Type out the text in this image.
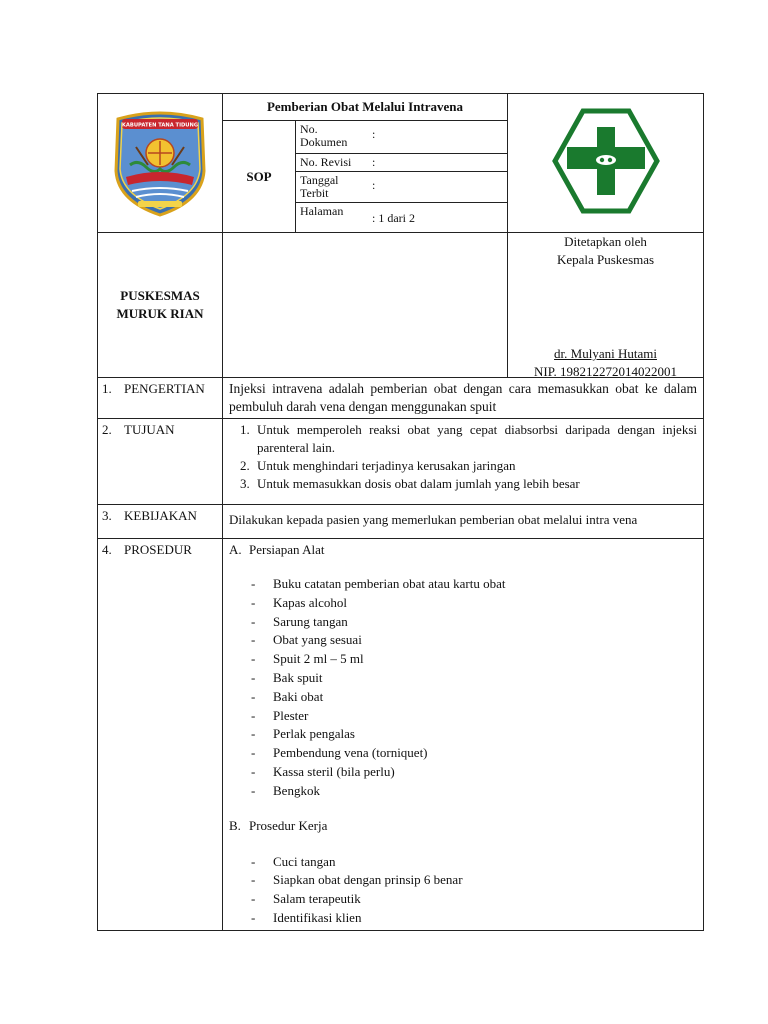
KABUPATEN TANA TIDUNG
	Pemberian Obat Melalui Intravena	
SOP	
No. Dokumen	:
No. Revisi	:
Tanggal Terbit	:
Halaman	: 1 dari 2

PUSKESMAS
MURUK RIAN

Ditetapkan oleh
Kepala Puskesmas
dr. Mulyani Hutami
NIP. 198212272014022001

1. PENGERTIAN	Injeksi intravena adalah pemberian obat dengan cara memasukkan obat ke dalam pembuluh darah vena dengan menggunakan spuit
2. TUJUAN	
1.Untuk memperoleh reaksi obat yang cepat diabsorbsi daripada dengan injeksi parenteral lain.
2. Untuk menghindari terjadinya kerusakan jaringan
3. Untuk memasukkan dosis obat dalam jumlah yang lebih besar

3. KEBIJAKAN	Dilakukan kepada pasien yang memerlukan pemberian obat melalui intra vena
4. PROSEDUR	A. Persiapan Alat
- Buku catatan pemberian obat atau kartu obat
- Kapas alcohol
- Sarung tangan
- Obat yang sesuai
- Spuit 2 ml – 5 ml
- Bak spuit
- Baki obat
- Plester
- Perlak pengalas
- Pembendung vena (torniquet)
- Kassa steril (bila perlu)
- Bengkok
B. Prosedur Kerja
- Cuci tangan
- Siapkan obat dengan prinsip 6 benar
- Salam terapeutik
- Identifikasi klien
